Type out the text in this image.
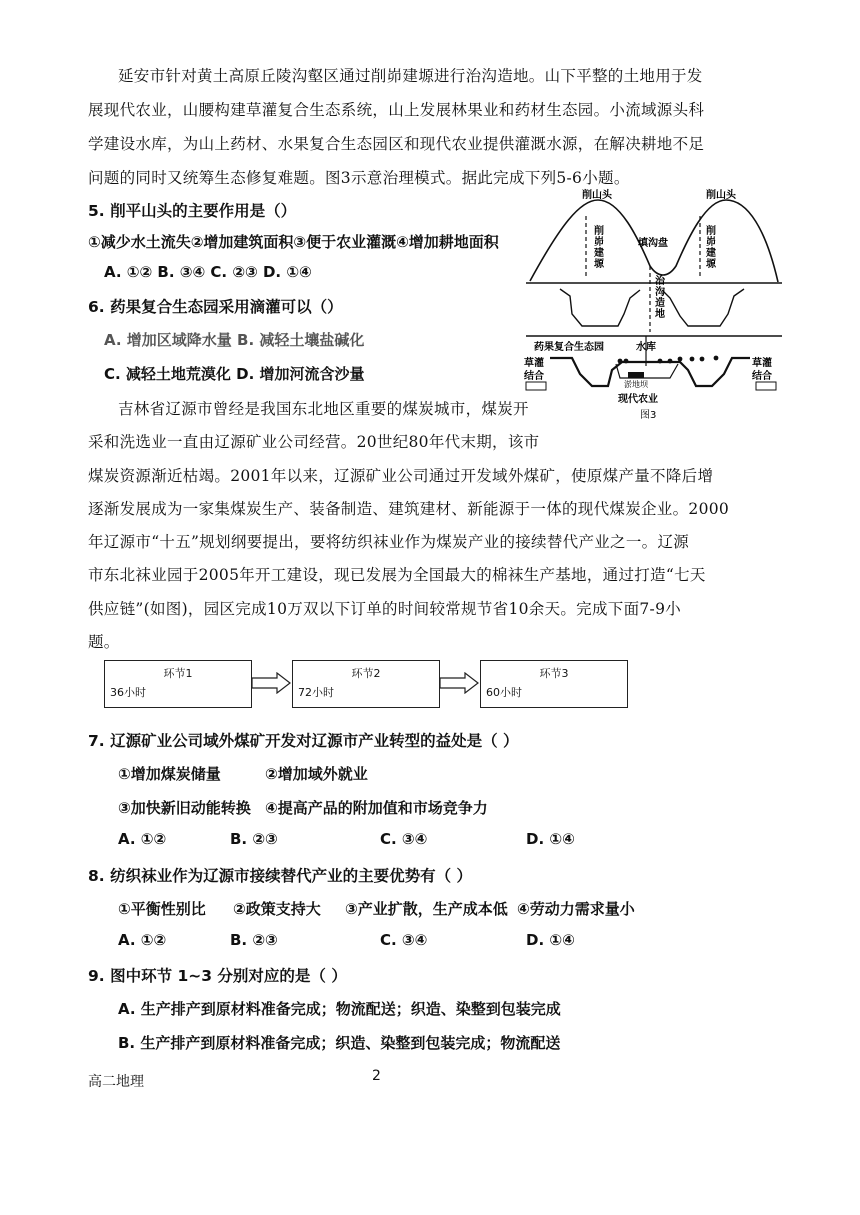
延安市针对黄土高原丘陵沟壑区通过削峁建塬进行治沟造地。山下平整的土地用于发
展现代农业，山腰构建草灌复合生态系统，山上发展林果业和药材生态园。小流域源头科
学建设水库，为山上药材、水果复合生态园区和现代农业提供灌溉水源，在解决耕地不足
问题的同时又统筹生态修复难题。图3示意治理模式。据此完成下列5-6小题。
5. 削平山头的主要作用是（）
①减少水土流失②增加建筑面积③便于农业灌溉④增加耕地面积
A. ①② B. ③④ C. ②③ D. ①④
6. 药果复合生态园采用滴灌可以（）
A. 增加区域降水量 B. 减轻土壤盐碱化
C. 减轻土地荒漠化 D. 增加河流含沙量
削山头	削山头
削峁建塬
削峁建塬
填沟盘
治沟造地
药果复合生态园	水库
草灌结合
草灌结合
淤地坝
现代农业
图3
吉林省辽源市曾经是我国东北地区重要的煤炭城市，煤炭开
采和洗选业一直由辽源矿业公司经营。20世纪80年代末期，该市
煤炭资源渐近枯竭。2001年以来，辽源矿业公司通过开发域外煤矿，使原煤产量不降后增
逐渐发展成为一家集煤炭生产、装备制造、建筑建材、新能源于一体的现代煤炭企业。2000
年辽源市“十五”规划纲要提出，要将纺织袜业作为煤炭产业的接续替代产业之一。辽源
市东北袜业园于2005年开工建设，现已发展为全国最大的棉袜生产基地，通过打造“七天
供应链”(如图)，园区完成10万双以下订单的时间较常规节省10余天。完成下面7-9小
题。
环节1
36小时
环节2
72小时
环节3
60小时
7. 辽源矿业公司域外煤矿开发对辽源市产业转型的益处是（ ）
①增加煤炭储量	②增加域外就业
③加快新旧动能转换 ④提高产品的附加值和市场竞争力
A. ①②	B. ②③	C. ③④	D. ①④
8. 纺织袜业作为辽源市接续替代产业的主要优势有（ ）
①平衡性别比 ②政策支持大 ③产业扩散，生产成本低 ④劳动力需求量小
A. ①②	B. ②③	C. ③④	D. ①④
9. 图中环节 1~3 分别对应的是（ ）
A. 生产排产到原材料准备完成；物流配送；织造、染整到包装完成
B. 生产排产到原材料准备完成；织造、染整到包装完成；物流配送
高二地理	2
